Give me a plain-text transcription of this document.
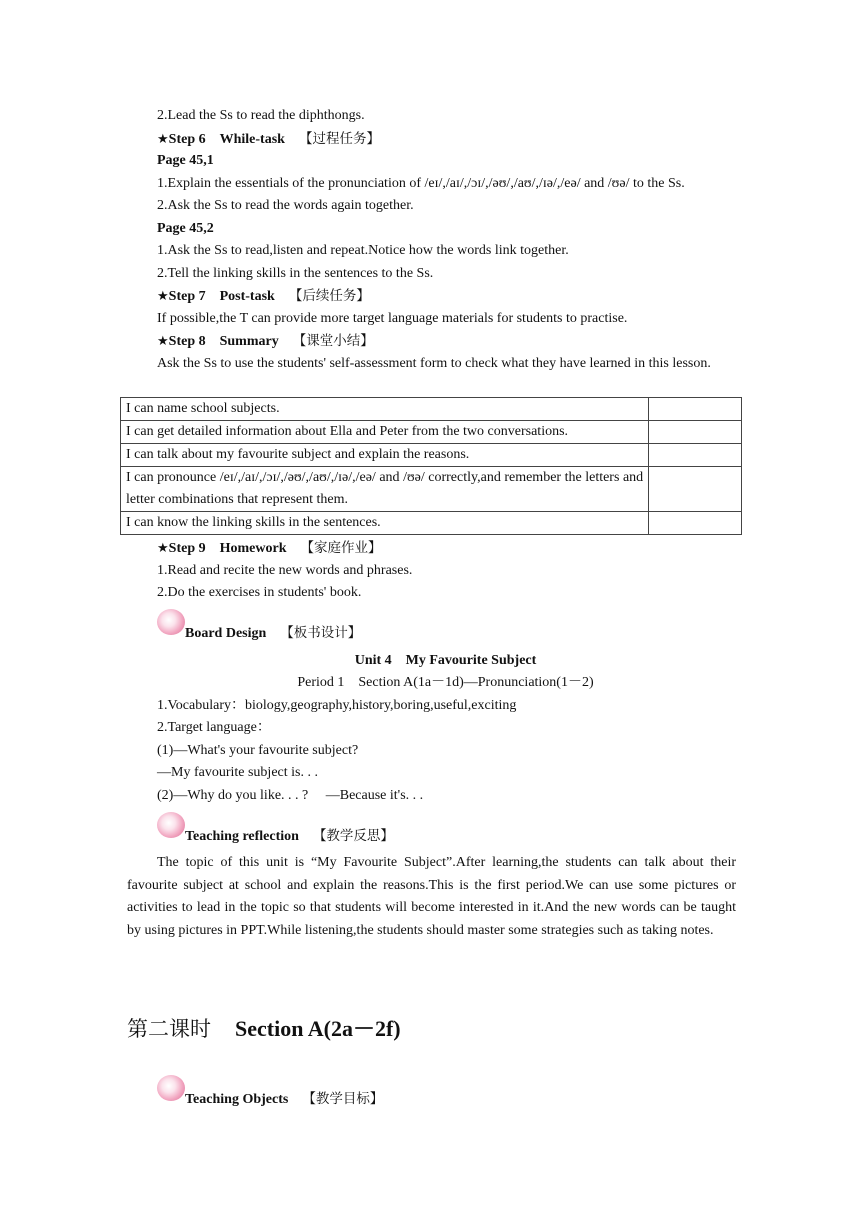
2.Lead the Ss to read the diphthongs.
★Step 6 While-task 【过程任务】
Page 45,1
1.Explain the essentials of the pronunciation of /eɪ/,/aɪ/,/ɔɪ/,/əʊ/,/aʊ/,/ɪə/,/eə/ and /ʊə/ to the Ss.
2.Ask the Ss to read the words again together.
Page 45,2
1.Ask the Ss to read,listen and repeat.Notice how the words link together.
2.Tell the linking skills in the sentences to the Ss.
★Step 7 Post-task 【后续任务】
If possible,the T can provide more target language materials for students to practise.
★Step 8 Summary 【课堂小结】
Ask the Ss to use the students' self‐assessment form to check what they have learned in this lesson.
I can name school subjects.	
I can get detailed information about Ella and Peter from the two conversations.	
I can talk about my favourite subject and explain the reasons.	
I can pronounce /eɪ/,/aɪ/,/ɔɪ/,/əʊ/,/aʊ/,/ɪə/,/eə/ and /ʊə/ correctly,and remember the letters and letter combinations that represent them.	
I can know the linking skills in the sentences.	
★Step 9 Homework 【家庭作业】
1.Read and recite the new words and phrases.
2.Do the exercises in students' book.
Board Design 【板书设计】
Unit 4　My Favourite Subject
Period 1　Section A(1a－1d)—Pronunciation(1－2)
1.Vocabulary：biology,geography,history,boring,useful,exciting
2.Target language：
(1)—What's your favourite subject?
—My favourite subject is. . .
(2)—Why do you like. . . ?　 —Because it's. . .
Teaching reflection 【教学反思】
The topic of this unit is “My Favourite Subject”.After learning,the students can talk about their favourite subject at school and explain the reasons.This is the first period.We can use some pictures or activities to lead in the topic so that students will become interested in it.And the new words can be taught by using pictures in PPT.While listening,the students should master some strategies such as taking notes.
第二课时 Section A(2a－2f)
Teaching Objects 【教学目标】
